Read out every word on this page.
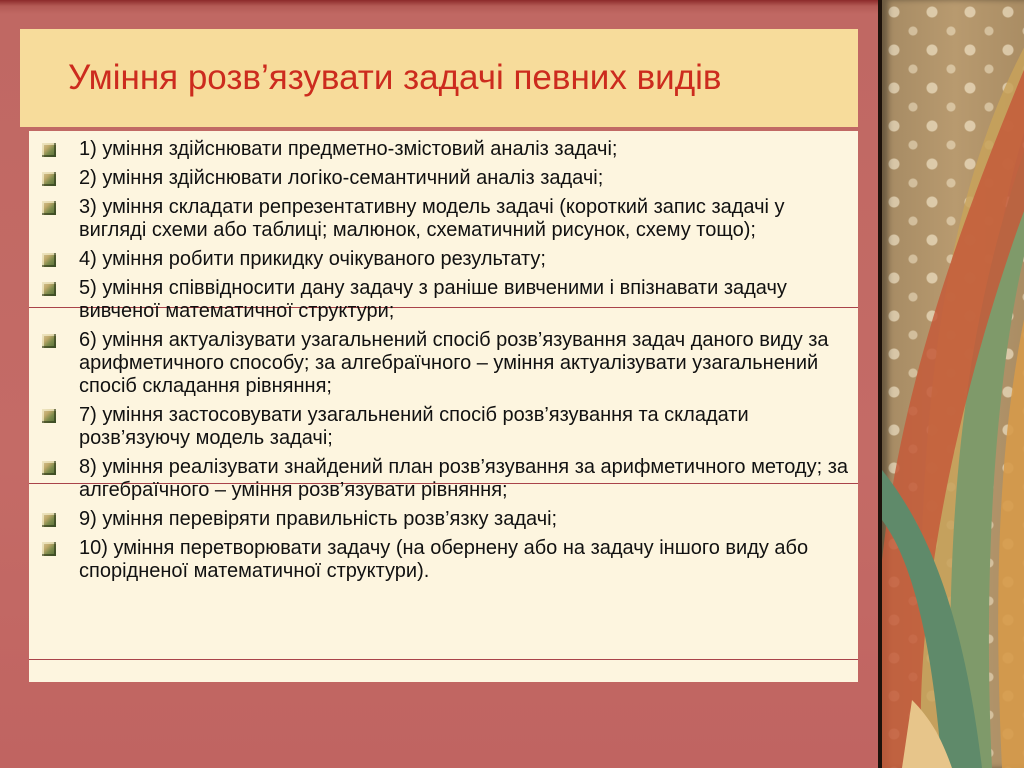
Уміння розв’язувати задачі певних видів
1) уміння здійснювати предметно-змістовий аналіз задачі;
2) уміння здійснювати логіко-семантичний аналіз задачі;
3) уміння складати репрезентативну модель задачі (короткий запис задачі у вигляді схеми або таблиці; малюнок, схематичний рисунок, схему тощо);
4) уміння робити прикидку очікуваного результату;
5) уміння співвідносити дану задачу з раніше вивченими і впізнавати задачу вивченої математичної структури;
6) уміння актуалізувати узагальнений спосіб розв’язування задач даного виду за арифметичного способу; за алгебраїчного – уміння актуалізувати узагальнений спосіб складання рівняння;
7) уміння застосовувати узагальнений спосіб розв’язування та складати розв’язуючу модель задачі;
8) уміння реалізувати знайдений план розв’язування за арифметичного методу; за алгебраїчного – уміння розв’язувати рівняння;
9) уміння перевіряти правильність розв’язку задачі;
10) уміння перетворювати задачу (на обернену або на задачу іншого виду або спорідненої математичної структури).
